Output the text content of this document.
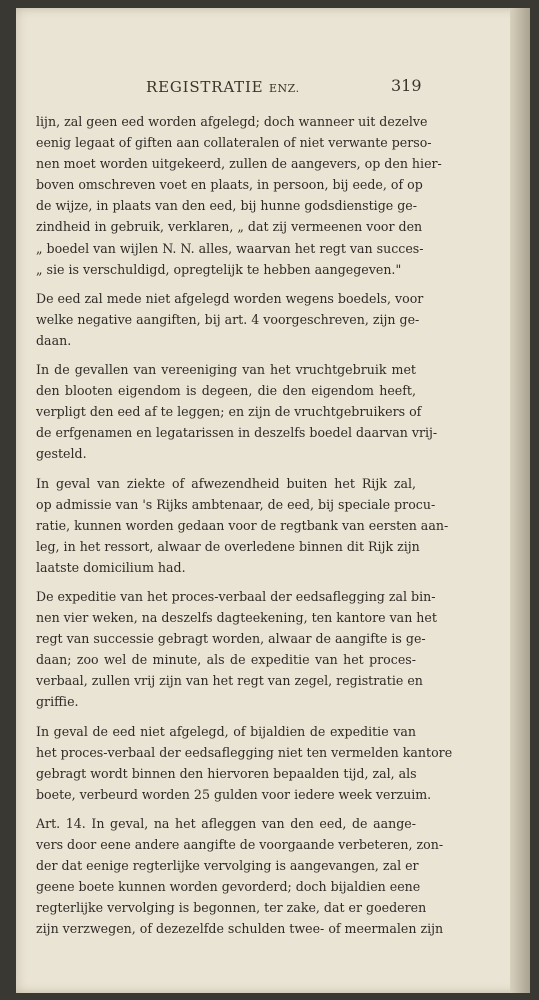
REGISTRATIE ENZ.	319
lijn, zal geen eed worden afgelegd; doch wanneer uit dezelve
eenig legaat of giften aan collateralen of niet verwante perso-
nen moet worden uitgekeerd, zullen de aangevers, op den hier-
boven omschreven voet en plaats, in persoon, bij eede, of op
de wijze, in plaats van den eed, bij hunne godsdienstige ge-
zindheid in gebruik, verklaren, „ dat zij vermeenen voor den
„ boedel van wijlen N. N. alles, waarvan het regt van succes-
„ sie is verschuldigd, opregtelijk te hebben aangegeven."
De eed zal mede niet afgelegd worden wegens boedels, voor
welke negative aangiften, bij art. 4 voorgeschreven, zijn ge-
daan.
In de gevallen van vereeniging van het vruchtgebruik met
den blooten eigendom is degeen, die den eigendom heeft,
verpligt den eed af te leggen; en zijn de vruchtgebruikers of
de erfgenamen en legatarissen in deszelfs boedel daarvan vrij-
gesteld.
In geval van ziekte of afwezendheid buiten het Rijk zal,
op admissie van 's Rijks ambtenaar, de eed, bij speciale procu-
ratie, kunnen worden gedaan voor de regtbank van eersten aan-
leg, in het ressort, alwaar de overledene binnen dit Rijk zijn
laatste domicilium had.
De expeditie van het proces-verbaal der eedsaflegging zal bin-
nen vier weken, na deszelfs dagteekening, ten kantore van het
regt van successie gebragt worden, alwaar de aangifte is ge-
daan; zoo wel de minute, als de expeditie van het proces-
verbaal, zullen vrij zijn van het regt van zegel, registratie en
griffie.
In geval de eed niet afgelegd, of bijaldien de expeditie van
het proces-verbaal der eedsaflegging niet ten vermelden kantore
gebragt wordt binnen den hiervoren bepaalden tijd, zal, als
boete, verbeurd worden 25 gulden voor iedere week verzuim.
Art. 14. In geval, na het afleggen van den eed, de aange-
vers door eene andere aangifte de voorgaande verbeteren, zon-
der dat eenige regterlijke vervolging is aangevangen, zal er
geene boete kunnen worden gevorderd; doch bijaldien eene
regterlijke vervolging is begonnen, ter zake, dat er goederen
zijn verzwegen, of dezezelfde schulden twee- of meermalen zijn
